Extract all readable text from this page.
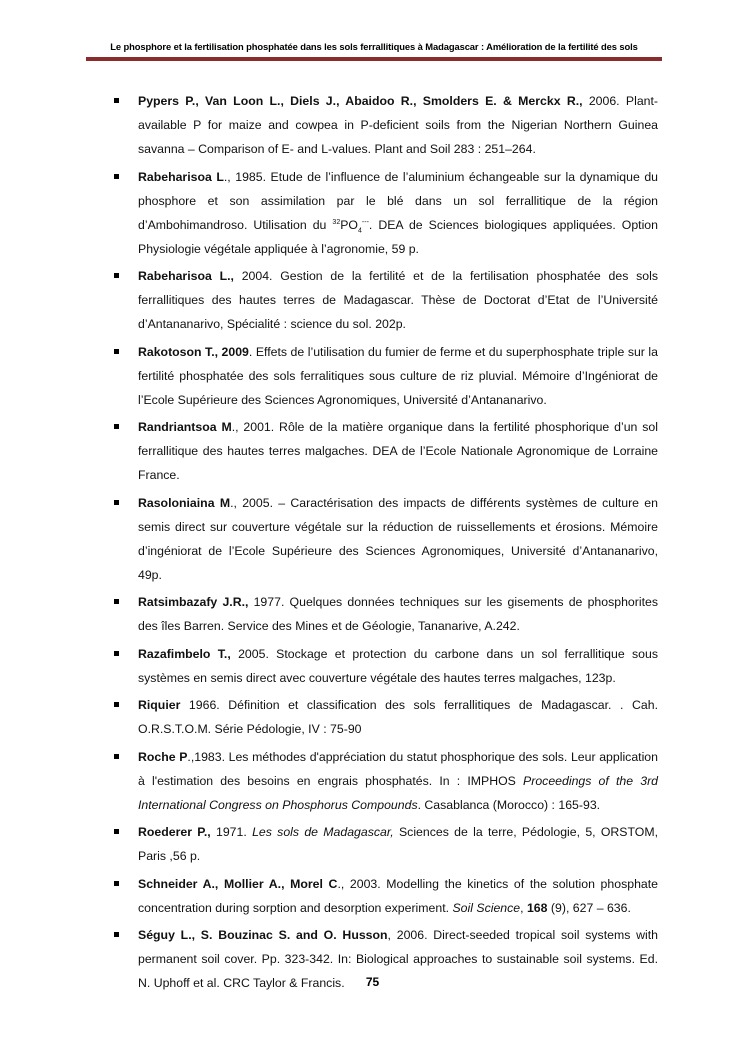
Le phosphore et la fertilisation phosphatée dans les sols ferrallitiques à Madagascar : Amélioration de la fertilité des sols
Pypers P., Van Loon L., Diels J., Abaidoo R., Smolders E. & Merckx R., 2006. Plant-available P for maize and cowpea in P-deficient soils from the Nigerian Northern Guinea savanna – Comparison of E- and L-values. Plant and Soil 283 : 251–264.
Rabeharisoa L., 1985. Etude de l’influence de l’aluminium échangeable sur la dynamique du phosphore et son assimilation par le blé dans un sol ferrallitique de la région d’Ambohimandroso. Utilisation du $^{32}PO_4^{---}$. DEA de Sciences biologiques appliquées. Option Physiologie végétale appliquée à l’agronomie, 59 p.
Rabeharisoa L., 2004. Gestion de la fertilité et de la fertilisation phosphatée des sols ferrallitiques des hautes terres de Madagascar. Thèse de Doctorat d’Etat de l’Université d’Antananarivo, Spécialité : science du sol. 202p.
Rakotoson T., 2009. Effets de l’utilisation du fumier de ferme et du superphosphate triple sur la fertilité phosphatée des sols ferralitiques sous culture de riz pluvial. Mémoire d’Ingéniorat de l’Ecole Supérieure des Sciences Agronomiques, Université d’Antananarivo.
Randriantsoa M., 2001. Rôle de la matière organique dans la fertilité phosphorique d’un sol ferrallitique des hautes terres malgaches. DEA de l’Ecole Nationale Agronomique de Lorraine France.
Rasoloniaina M., 2005. – Caractérisation des impacts de différents systèmes de culture en semis direct sur couverture végétale sur la réduction de ruissellements et érosions. Mémoire d’ingéniorat de l’Ecole Supérieure des Sciences Agronomiques, Université d’Antananarivo, 49p.
Ratsimbazafy J.R., 1977. Quelques données techniques sur les gisements de phosphorites des îles Barren. Service des Mines et de Géologie, Tananarive, A.242.
Razafimbelo T., 2005. Stockage et protection du carbone dans un sol ferrallitique sous systèmes en semis direct avec couverture végétale des hautes terres malgaches, 123p.
Riquier 1966. Définition et classification des sols ferrallitiques de Madagascar. . Cah. O.R.S.T.O.M. Série Pédologie, IV : 75-90
Roche P.,1983. Les méthodes d'appréciation du statut phosphorique des sols. Leur application à l'estimation des besoins en engrais phosphatés. In : IMPHOS Proceedings of the 3rd International Congress on Phosphorus Compounds. Casablanca (Morocco) : 165-93.
Roederer P., 1971. Les sols de Madagascar, Sciences de la terre, Pédologie, 5, ORSTOM, Paris ,56 p.
Schneider A., Mollier A., Morel C., 2003. Modelling the kinetics of the solution phosphate concentration during sorption and desorption experiment. Soil Science, 168 (9), 627 – 636.
Séguy L., S. Bouzinac S. and O. Husson, 2006. Direct-seeded tropical soil systems with permanent soil cover. Pp. 323-342. In: Biological approaches to sustainable soil systems. Ed. N. Uphoff et al. CRC Taylor & Francis.	75
